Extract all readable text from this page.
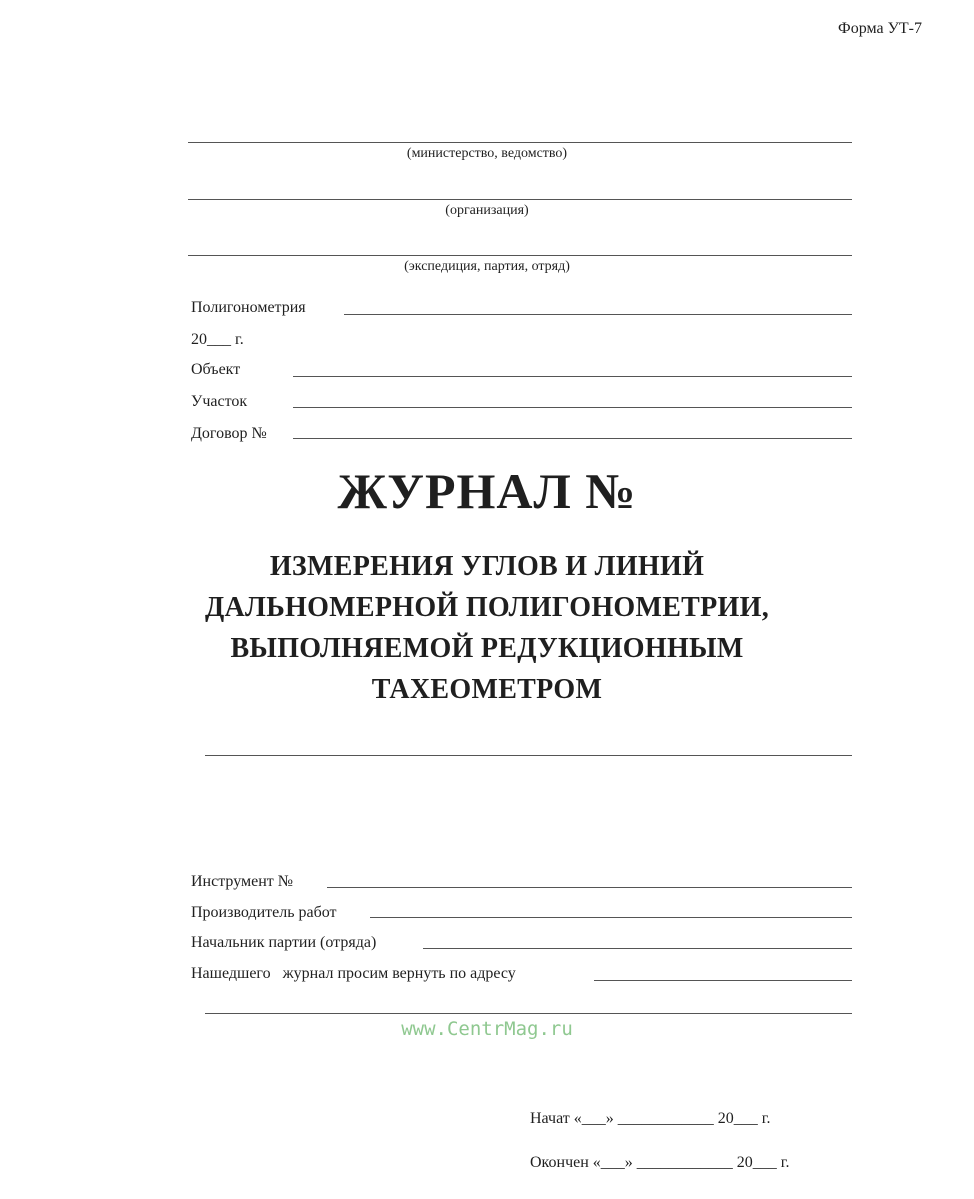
Форма УТ-7
(министерство, ведомство)
(организация)
(экспедиция, партия, отряд)
Полигонометрия
20___ г.
Объект
Участок
Договор №
ЖУРНАЛ №
ИЗМЕРЕНИЯ УГЛОВ И ЛИНИЙ
ДАЛЬНОМЕРНОЙ ПОЛИГОНОМЕТРИИ,
ВЫПОЛНЯЕМОЙ РЕДУКЦИОННЫМ
ТАХЕОМЕТРОМ
Инструмент №
Производитель работ
Начальник партии (отряда)
Нашедшего   журнал просим вернуть по адресу
www.CentrMag.ru
Начат «___» ____________ 20___ г.
Окончен «___» ____________ 20___ г.
